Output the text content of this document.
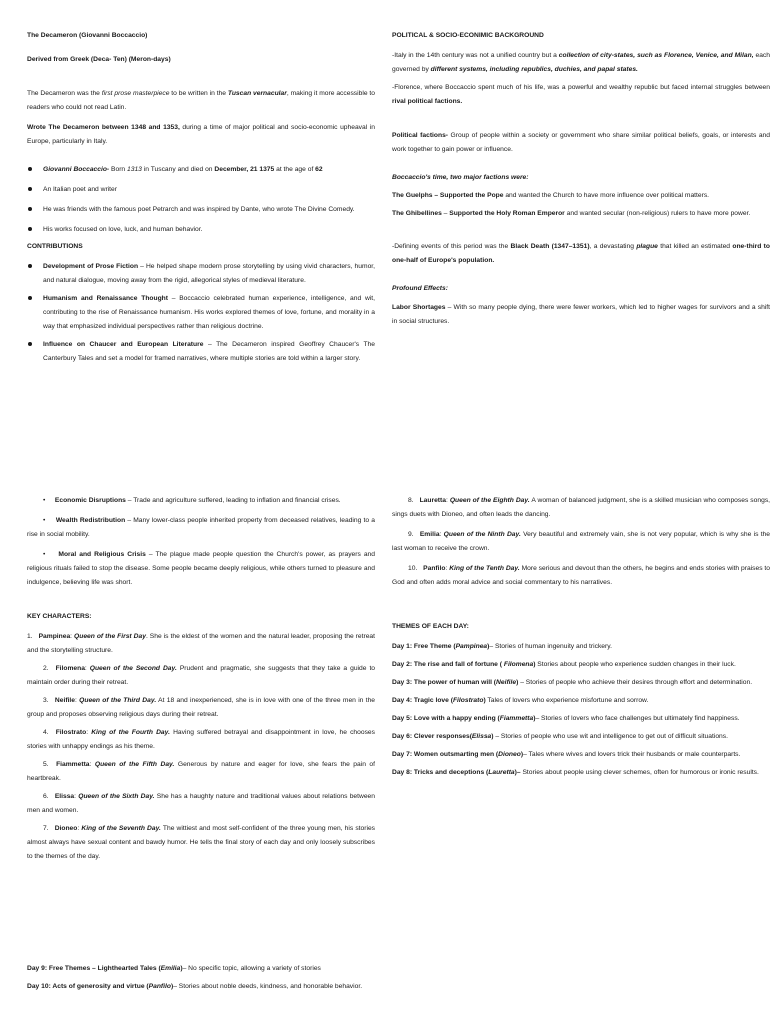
The Decameron (Giovanni Boccaccio)

Derived from Greek (Deca- Ten) (Meron-days)

The Decameron was the first prose masterpiece to be written in the Tuscan vernacular, making it more accessible to readers who could not read Latin.

Wrote The Decameron between 1348 and 1353, during a time of major political and socio-economic upheaval in Europe, particularly in Italy.

Giovanni Boccaccio- Born 1313 in Tuscany and died on December, 21 1375 at the age of 62

An Italian poet and writer

He was friends with the famous poet Petrarch and was inspired by Dante, who wrote The Divine Comedy.

His works focused on love, luck, and human behavior.

CONTRIBUTIONS

Development of Prose Fiction – He helped shape modern prose storytelling by using vivid characters, humor, and natural dialogue, moving away from the rigid, allegorical styles of medieval literature.

Humanism and Renaissance Thought – Boccaccio celebrated human experience, intelligence, and wit, contributing to the rise of Renaissance humanism. His works explored themes of love, fortune, and morality in a way that emphasized individual perspectives rather than religious doctrine.

Influence on Chaucer and European Literature – The Decameron inspired Geoffrey Chaucer's The Canterbury Tales and set a model for framed narratives, where multiple stories are told within a larger story.

POLITICAL & SOCIO-ECONIMIC BACKGROUND

-Italy in the 14th century was not a unified country but a collection of city-states, such as Florence, Venice, and Milan, each governed by different systems, including republics, duchies, and papal states.

-Florence, where Boccaccio spent much of his life, was a powerful and wealthy republic but faced internal struggles between rival political factions.

Political factions- Group of people within a society or government who share similar political beliefs, goals, or interests and work together to gain power or influence.

Boccaccio's time, two major factions were:

The Guelphs – Supported the Pope and wanted the Church to have more influence over political matters.

The Ghibellines – Supported the Holy Roman Emperor and wanted secular (non-religious) rulers to have more power.

-Defining events of this period was the Black Death (1347–1351), a devastating plague that killed an estimated one-third to one-half of Europe's population.

Profound Effects:

Labor Shortages – With so many people dying, there were fewer workers, which led to higher wages for survivors and a shift in social structures.

• Economic Disruptions – Trade and agriculture suffered, leading to inflation and financial crises.

• Wealth Redistribution – Many lower-class people inherited property from deceased relatives, leading to a rise in social mobility.

• Moral and Religious Crisis – The plague made people question the Church's power, as prayers and religious rituals failed to stop the disease. Some people became deeply religious, while others turned to pleasure and indulgence, believing life was short.

KEY CHARACTERS:

1. Pampinea: Queen of the First Day. She is the eldest of the women and the natural leader, proposing the retreat and the storytelling structure.

2. Filomena: Queen of the Second Day. Prudent and pragmatic, she suggests that they take a guide to maintain order during their retreat.

3. Neifile: Queen of the Third Day. At 18 and inexperienced, she is in love with one of the three men in the group and proposes observing religious days during their retreat.

4. Filostrato: King of the Fourth Day. Having suffered betrayal and disappointment in love, he chooses stories with unhappy endings as his theme.

5. Fiammetta: Queen of the Fifth Day. Generous by nature and eager for love, she fears the pain of heartbreak.

6. Elissa: Queen of the Sixth Day. She has a haughty nature and traditional values about relations between men and women.

7. Dioneo: King of the Seventh Day. The wittiest and most self-confident of the three young men, his stories almost always have sexual content and bawdy humor. He tells the final story of each day and only loosely subscribes to the themes of the day.

8. Lauretta: Queen of the Eighth Day. A woman of balanced judgment, she is a skilled musician who composes songs, sings duets with Dioneo, and often leads the dancing.

9. Emilia: Queen of the Ninth Day. Very beautiful and extremely vain, she is not very popular, which is why she is the last woman to receive the crown.

10. Panfilo: King of the Tenth Day. More serious and devout than the others, he begins and ends stories with praises to God and often adds moral advice and social commentary to his narratives.

THEMES OF EACH DAY:

Day 1: Free Theme (Pampinea)– Stories of human ingenuity and trickery.

Day 2: The rise and fall of fortune ( Filomena) Stories about people who experience sudden changes in their luck.

Day 3: The power of human will (Neifile) – Stories of people who achieve their desires through effort and determination.

Day 4: Tragic love (Filostrato) Tales of lovers who experience misfortune and sorrow.

Day 5: Love with a happy ending (Fiammetta)– Stories of lovers who face challenges but ultimately find happiness.

Day 6: Clever responses(Elissa) – Stories of people who use wit and intelligence to get out of difficult situations.

Day 7: Women outsmarting men (Dioneo)– Tales where wives and lovers trick their husbands or male counterparts.

Day 8: Tricks and deceptions (Lauretta)– Stories about people using clever schemes, often for humorous or ironic results.

Day 9: Free Themes – Lighthearted Tales (Emilia)– No specific topic, allowing a variety of stories

Day 10: Acts of generosity and virtue (Panfilo)– Stories about noble deeds, kindness, and honorable behavior.
